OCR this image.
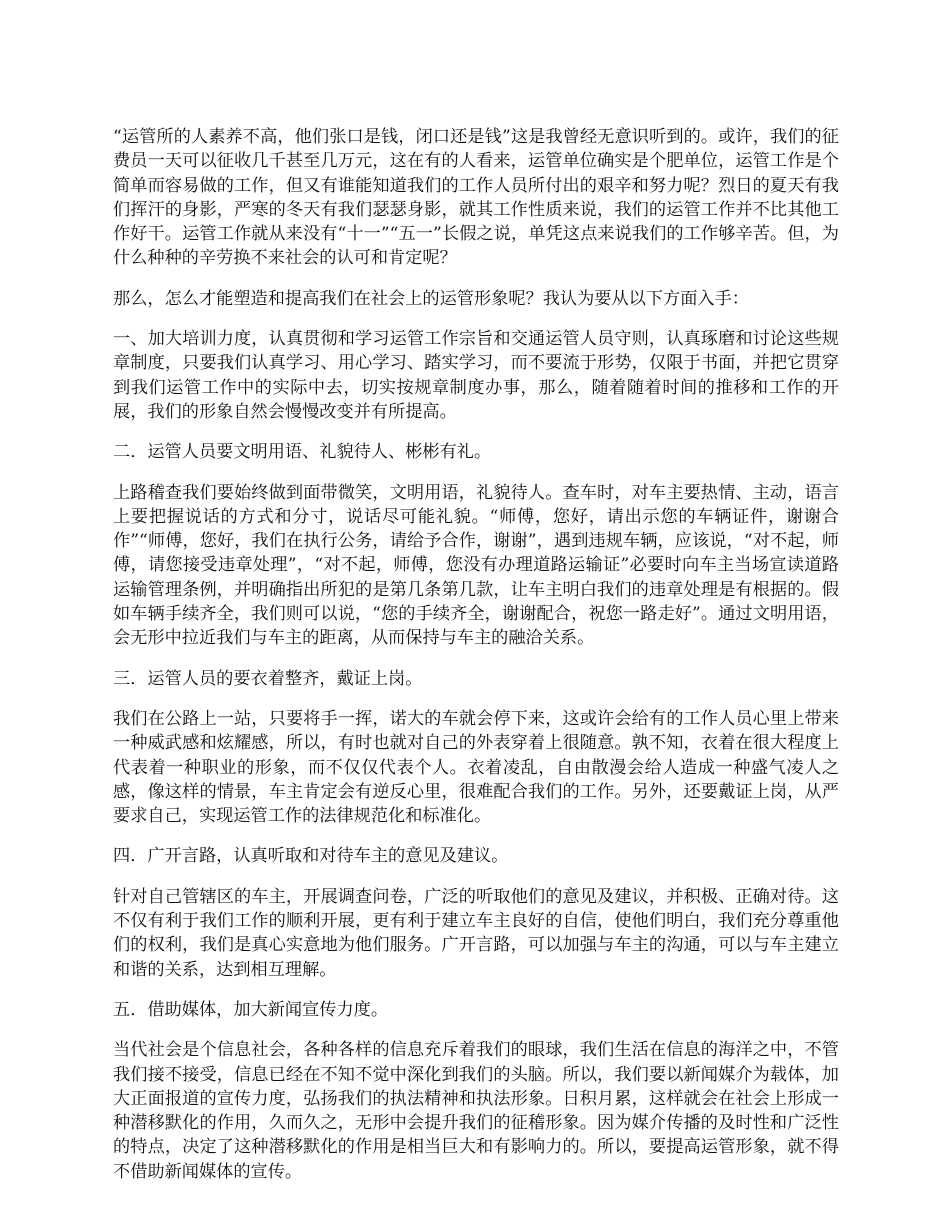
“运管所的人素养不高，他们张口是钱，闭口还是钱”这是我曾经无意识听到的。或许，我们的征费员一天可以征收几千甚至几万元，这在有的人看来，运管单位确实是个肥单位，运管工作是个简单而容易做的工作，但又有谁能知道我们的工作人员所付出的艰辛和努力呢？烈日的夏天有我们挥汗的身影，严寒的冬天有我们瑟瑟身影，就其工作性质来说，我们的运管工作并不比其他工作好干。运管工作就从来没有“十一”“五一”长假之说，单凭这点来说我们的工作够辛苦。但，为什么种种的辛劳换不来社会的认可和肯定呢？

那么，怎么才能塑造和提高我们在社会上的运管形象呢？我认为要从以下方面入手：

一、加大培训力度，认真贯彻和学习运管工作宗旨和交通运管人员守则，认真琢磨和讨论这些规章制度，只要我们认真学习、用心学习、踏实学习，而不要流于形势，仅限于书面，并把它贯穿到我们运管工作中的实际中去，切实按规章制度办事，那么，随着随着时间的推移和工作的开展，我们的形象自然会慢慢改变并有所提高。

二．运管人员要文明用语、礼貌待人、彬彬有礼。

上路稽查我们要始终做到面带微笑，文明用语，礼貌待人。查车时，对车主要热情、主动，语言上要把握说话的方式和分寸，说话尽可能礼貌。“师傅，您好，请出示您的车辆证件，谢谢合作”“师傅，您好，我们在执行公务，请给予合作，谢谢”，遇到违规车辆，应该说，“对不起，师傅，请您接受违章处理”，“对不起，师傅，您没有办理道路运输证”必要时向车主当场宣读道路运输管理条例，并明确指出所犯的是第几条第几款，让车主明白我们的违章处理是有根据的。假如车辆手续齐全，我们则可以说，“您的手续齐全，谢谢配合，祝您一路走好”。通过文明用语，会无形中拉近我们与车主的距离，从而保持与车主的融洽关系。

三．运管人员的要衣着整齐，戴证上岗。

我们在公路上一站，只要将手一挥，诺大的车就会停下来，这或许会给有的工作人员心里上带来一种威武感和炫耀感，所以，有时也就对自己的外表穿着上很随意。孰不知，衣着在很大程度上代表着一种职业的形象，而不仅仅代表个人。衣着凌乱，自由散漫会给人造成一种盛气凌人之感，像这样的情景，车主肯定会有逆反心里，很难配合我们的工作。另外，还要戴证上岗，从严要求自己，实现运管工作的法律规范化和标准化。

四．广开言路，认真听取和对待车主的意见及建议。

针对自己管辖区的车主，开展调查问卷，广泛的听取他们的意见及建议，并积极、正确对待。这不仅有利于我们工作的顺利开展，更有利于建立车主良好的自信，使他们明白，我们充分尊重他们的权利，我们是真心实意地为他们服务。广开言路，可以加强与车主的沟通，可以与车主建立和谐的关系，达到相互理解。

五．借助媒体，加大新闻宣传力度。

当代社会是个信息社会，各种各样的信息充斥着我们的眼球，我们生活在信息的海洋之中，不管我们接不接受，信息已经在不知不觉中深化到我们的头脑。所以，我们要以新闻媒介为载体，加大正面报道的宣传力度，弘扬我们的执法精神和执法形象。日积月累，这样就会在社会上形成一种潜移默化的作用，久而久之，无形中会提升我们的征稽形象。因为媒介传播的及时性和广泛性的特点，决定了这种潜移默化的作用是相当巨大和有影响力的。所以，要提高运管形象，就不得不借助新闻媒体的宣传。
